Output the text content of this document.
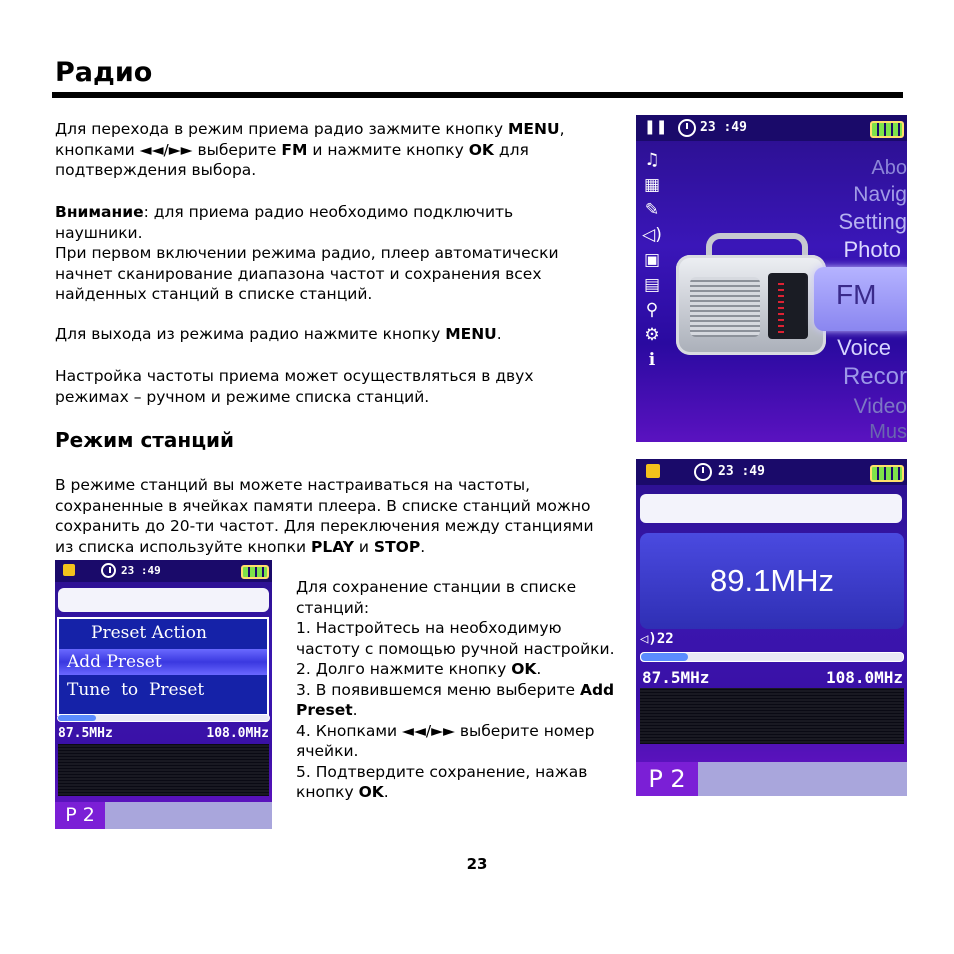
Радио

Для перехода в режим приема радио зажмите кнопку MENU, кнопками ◄◄/►► выберите FM и нажмите кнопку OK для подтверждения выбора.

Внимание: для приема радио необходимо подключить наушники.

При первом включении режима радио, плеер автоматически начнет сканирование диапазона частот и сохранения всех найденных станций в списке станций.

Для выхода из режима радио нажмите кнопку MENU.

Настройка частоты приема может осуществляться в двух режимах – ручном и режиме списка станций.

Режим станций

В режиме станций вы можете настраиваться на частоты, сохраненные в ячейках памяти плеера. В списке станций можно сохранить до 20-ти частот. Для переключения между станциями из списка используйте кнопки PLAY и STOP.

Для сохранение станции в списке станций:
1. Настройтесь на необходимую частоту с помощью ручной настройки.
2. Долго нажмите кнопку OK.
3. В появившемся меню выберите Add Preset.
4. Кнопками ◄◄/►► выберите номер ячейки.
5. Подтвердите сохранение, нажав кнопку OK.
23
❚❚	23 :49
♫
▦
✎
◁)
▣
▤
⚲
⚙
ℹ
Abo
Navig
Setting
Photo
FM
Voice
Recor
Video
Mus
23 :49
89.1MHz
◁)22
87.5MHz	108.0MHz
P 2
23 :49
Preset Action
Add Preset
Tune  to  Preset
87.5MHz	108.0MHz
P 2
